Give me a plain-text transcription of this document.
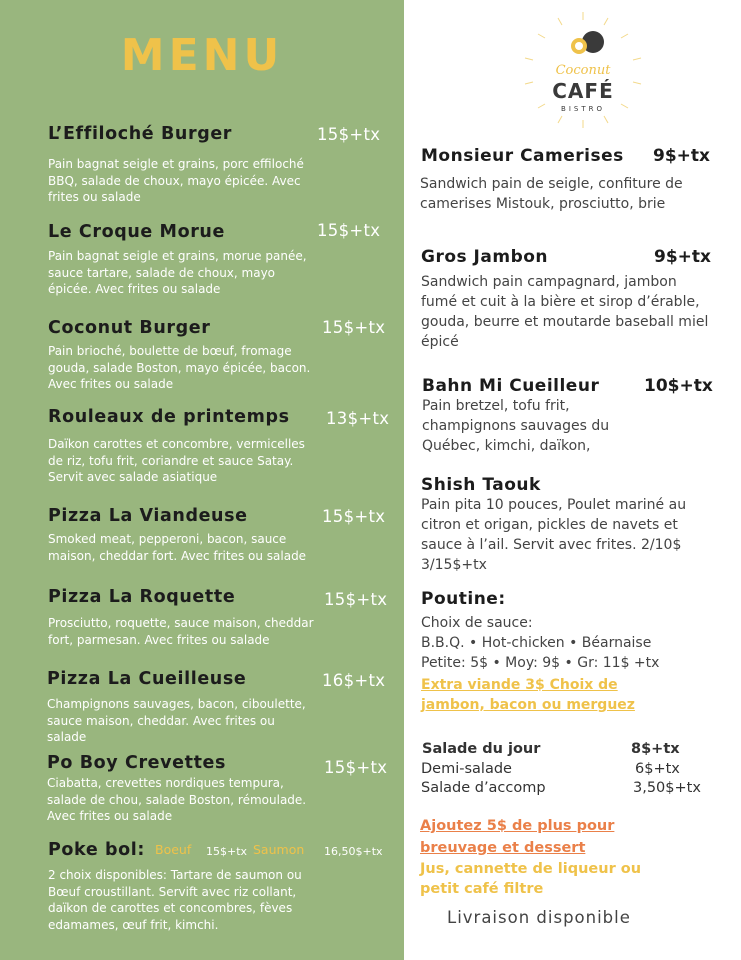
MENU
L’Effiloché Burger	15$+tx
Pain bagnat seigle et grains, porc effiloché BBQ, salade de choux, mayo épicée. Avec frites ou salade
Le Croque Morue	15$+tx
Pain bagnat seigle et grains, morue panée, sauce tartare, salade de choux, mayo épicée. Avec frites ou salade
Coconut Burger	15$+tx
Pain brioché, boulette de bœuf, fromage gouda, salade Boston, mayo épicée, bacon. Avec frites ou salade
Rouleaux de printemps 13$+tx
Daïkon carottes et concombre, vermicelles de riz, tofu frit, coriandre et sauce Satay. Servit avec salade asiatique
Pizza La Viandeuse	15$+tx
Smoked meat, pepperoni, bacon, sauce maison, cheddar fort. Avec frites ou salade
Pizza La Roquette	15$+tx
Prosciutto, roquette, sauce maison, cheddar fort, parmesan. Avec frites ou salade
Pizza La Cueilleuse	16$+tx
Champignons sauvages, bacon, ciboulette, sauce maison, cheddar. Avec frites ou salade
Po Boy Crevettes	15$+tx
Ciabatta, crevettes nordiques tempura, salade de chou, salade Boston, rémoulade. Avec frites ou salade
Poke bol: Boeuf 15$+tx Saumon 16,50$+tx
2 choix disponibles: Tartare de saumon ou Bœuf croustillant. Servift avec riz collant, daïkon de carottes et concombres, fèves edamames, œuf frit, kimchi.
Coconut
CAFÉ
BISTRO
Monsieur Camerises 9$+tx
Sandwich pain de seigle, confiture de camerises Mistouk, prosciutto, brie
Gros Jambon	9$+tx
Sandwich pain campagnard, jambon fumé et cuit à la bière et sirop d’érable, gouda, beurre et moutarde baseball miel épicé
Bahn Mi Cueilleur	10$+tx
Pain bretzel, tofu frit, champignons sauvages du Québec, kimchi, daïkon,
Shish Taouk
Pain pita 10 pouces, Poulet mariné au citron et origan, pickles de navets et sauce à l’ail. Servit avec frites. 2/10$ 3/15$+tx
Poutine:
Choix de sauce:
B.B.Q. • Hot-chicken • Béarnaise
Petite: 5$ • Moy: 9$ • Gr: 11$ +tx
Extra viande 3$ Choix de jambon, bacon ou merguez
Salade du jour	8$+tx
Demi-salade	6$+tx
Salade d’accomp	3,50$+tx
Ajoutez 5$ de plus pour breuvage et dessert
Jus, cannette de liqueur ou petit café filtre
Livraison disponible
